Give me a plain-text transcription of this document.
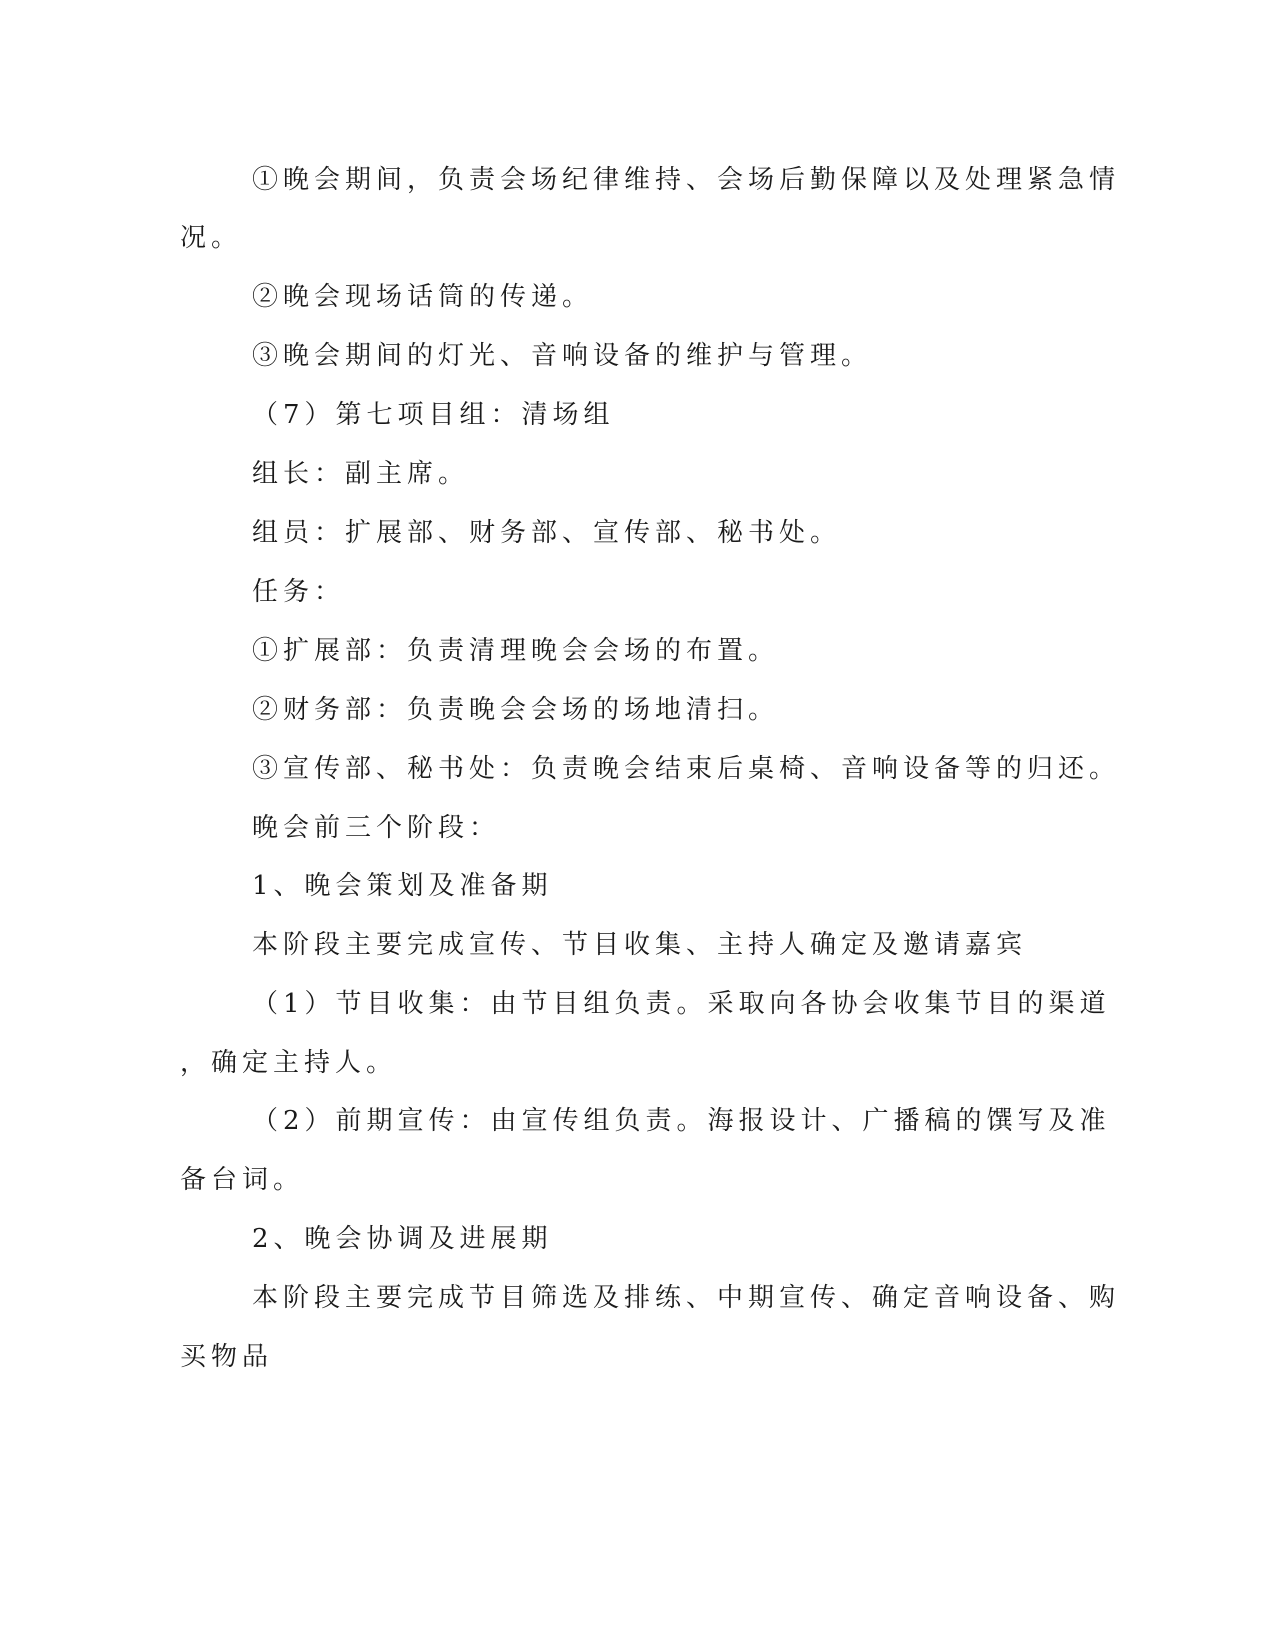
①晚会期间，负责会场纪律维持、会场后勤保障以及处理紧急情

况。

②晚会现场话筒的传递。

③晚会期间的灯光、音响设备的维护与管理。

（7）第七项目组：清场组

组长：副主席。

组员：扩展部、财务部、宣传部、秘书处。

任务：

①扩展部：负责清理晚会会场的布置。

②财务部：负责晚会会场的场地清扫。

③宣传部、秘书处：负责晚会结束后桌椅、音响设备等的归还。

晚会前三个阶段：

1、晚会策划及准备期

本阶段主要完成宣传、节目收集、主持人确定及邀请嘉宾

（1）节目收集：由节目组负责。采取向各协会收集节目的渠道

，确定主持人。

（2）前期宣传：由宣传组负责。海报设计、广播稿的馔写及准

备台词。

2、晚会协调及进展期

本阶段主要完成节目筛选及排练、中期宣传、确定音响设备、购

买物品
